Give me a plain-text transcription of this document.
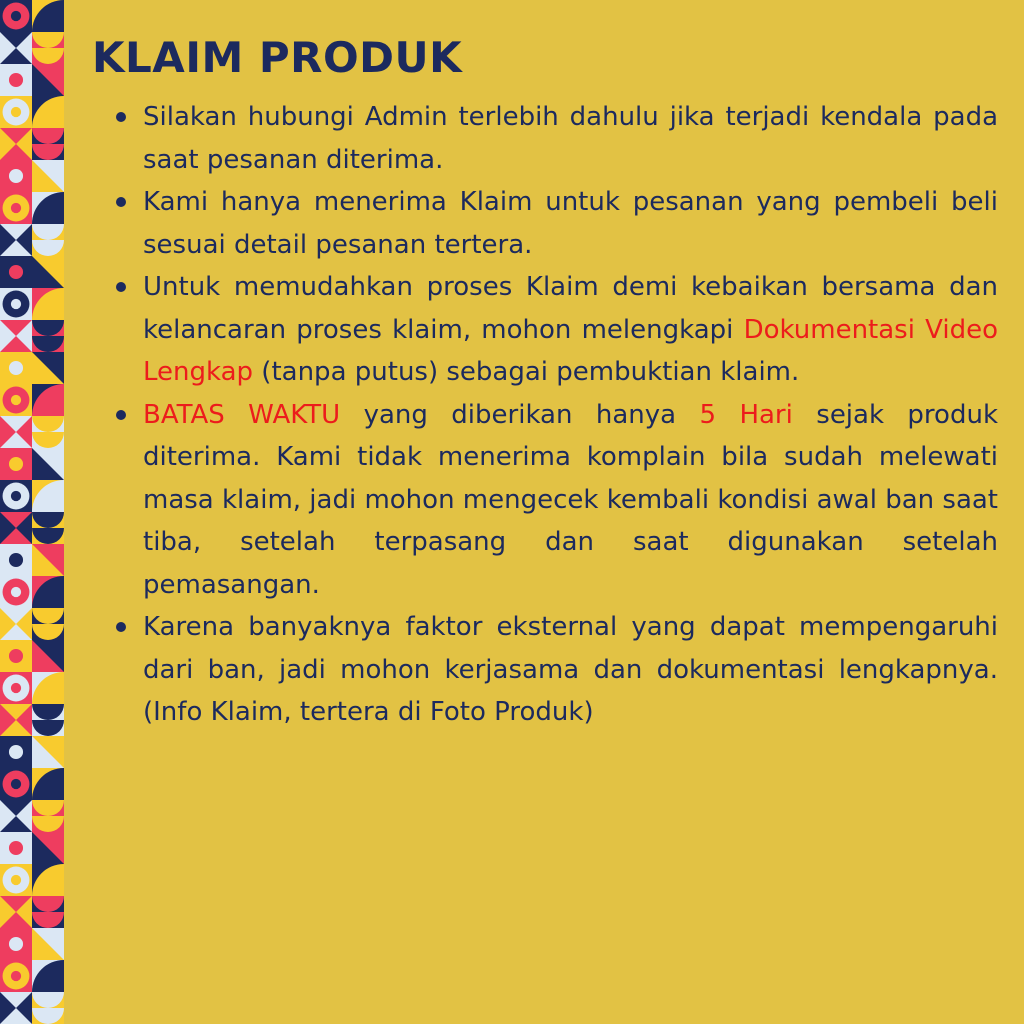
KLAIM PRODUK
Silakan hubungi Admin terlebih dahulu jika terjadi kendala pada saat pesanan diterima.
Kami hanya menerima Klaim untuk pesanan yang pembeli beli sesuai detail pesanan tertera.
Untuk memudahkan proses Klaim demi kebaikan bersama dan kelancaran proses klaim, mohon melengkapi Dokumentasi Video Lengkap (tanpa putus) sebagai pembuktian klaim.
BATAS WAKTU yang diberikan hanya 5 Hari sejak produk diterima. Kami tidak menerima komplain bila sudah melewati masa klaim, jadi mohon mengecek kembali kondisi awal ban saat tiba, setelah terpasang dan saat digunakan setelah pemasangan.
Karena banyaknya faktor eksternal yang dapat mempengaruhi dari ban, jadi mohon kerjasama dan dokumentasi lengkapnya. (Info Klaim, tertera di Foto Produk)
